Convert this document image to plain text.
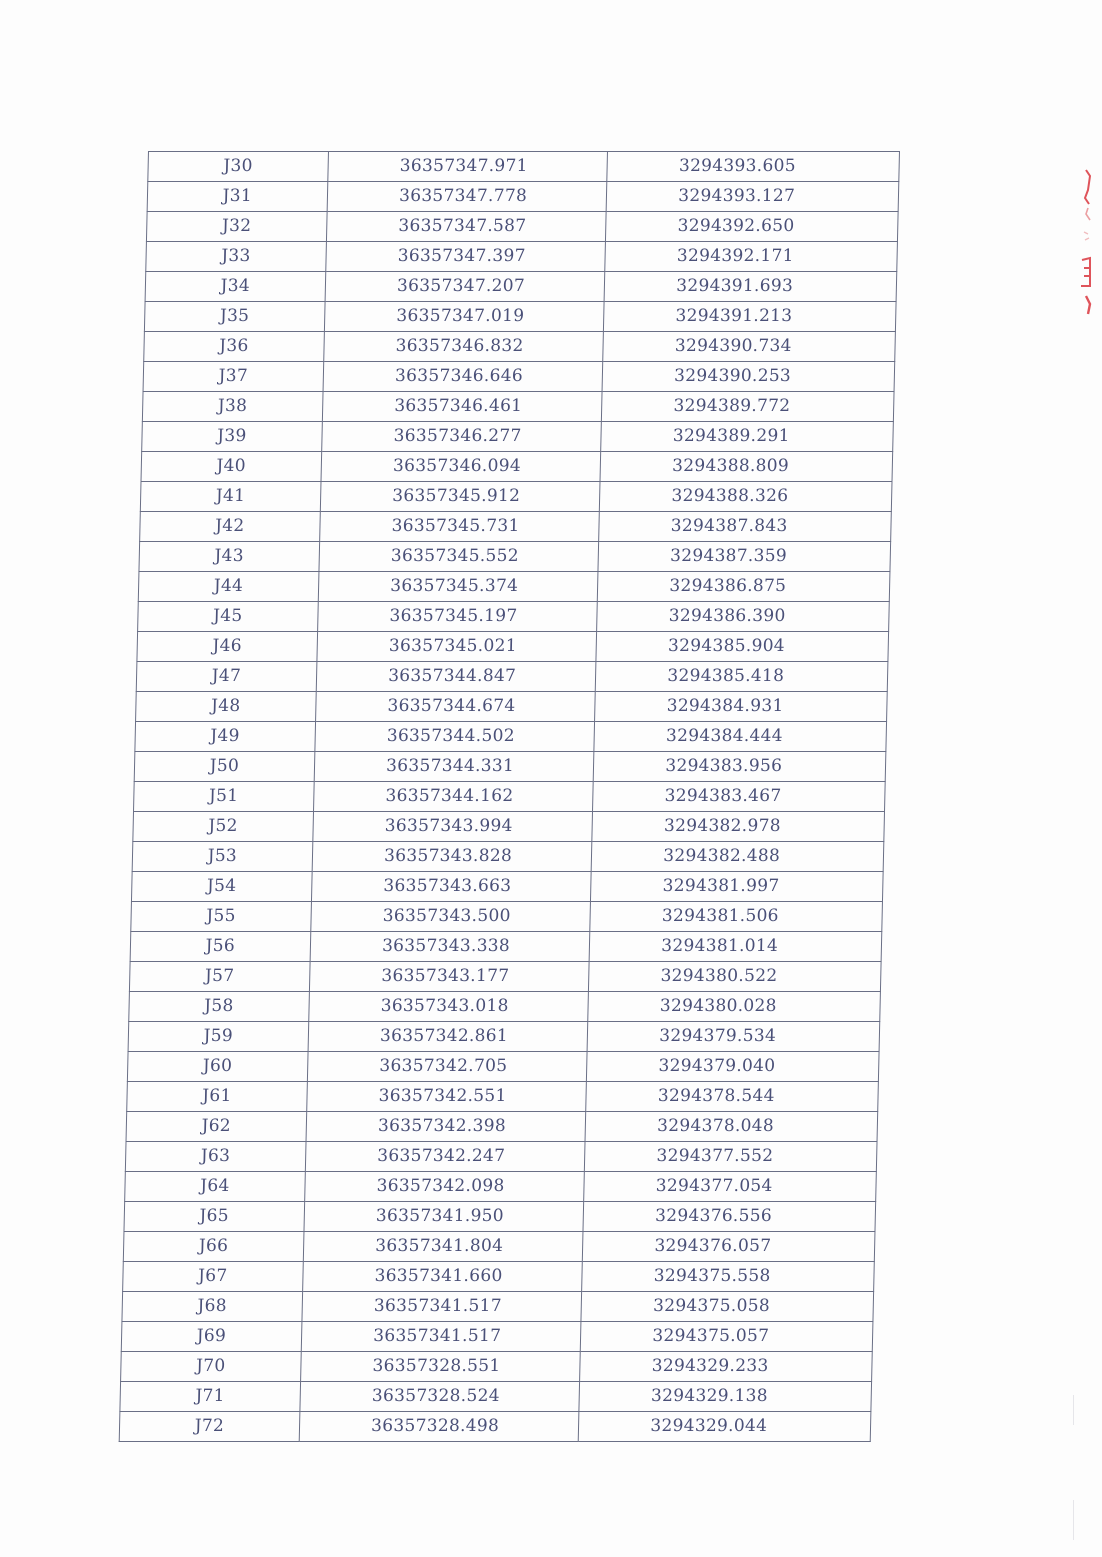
J30	36357347.971	3294393.605
J31	36357347.778	3294393.127
J32	36357347.587	3294392.650
J33	36357347.397	3294392.171
J34	36357347.207	3294391.693
J35	36357347.019	3294391.213
J36	36357346.832	3294390.734
J37	36357346.646	3294390.253
J38	36357346.461	3294389.772
J39	36357346.277	3294389.291
J40	36357346.094	3294388.809
J41	36357345.912	3294388.326
J42	36357345.731	3294387.843
J43	36357345.552	3294387.359
J44	36357345.374	3294386.875
J45	36357345.197	3294386.390
J46	36357345.021	3294385.904
J47	36357344.847	3294385.418
J48	36357344.674	3294384.931
J49	36357344.502	3294384.444
J50	36357344.331	3294383.956
J51	36357344.162	3294383.467
J52	36357343.994	3294382.978
J53	36357343.828	3294382.488
J54	36357343.663	3294381.997
J55	36357343.500	3294381.506
J56	36357343.338	3294381.014
J57	36357343.177	3294380.522
J58	36357343.018	3294380.028
J59	36357342.861	3294379.534
J60	36357342.705	3294379.040
J61	36357342.551	3294378.544
J62	36357342.398	3294378.048
J63	36357342.247	3294377.552
J64	36357342.098	3294377.054
J65	36357341.950	3294376.556
J66	36357341.804	3294376.057
J67	36357341.660	3294375.558
J68	36357341.517	3294375.058
J69	36357341.517	3294375.057
J70	36357328.551	3294329.233
J71	36357328.524	3294329.138
J72	36357328.498	3294329.044
